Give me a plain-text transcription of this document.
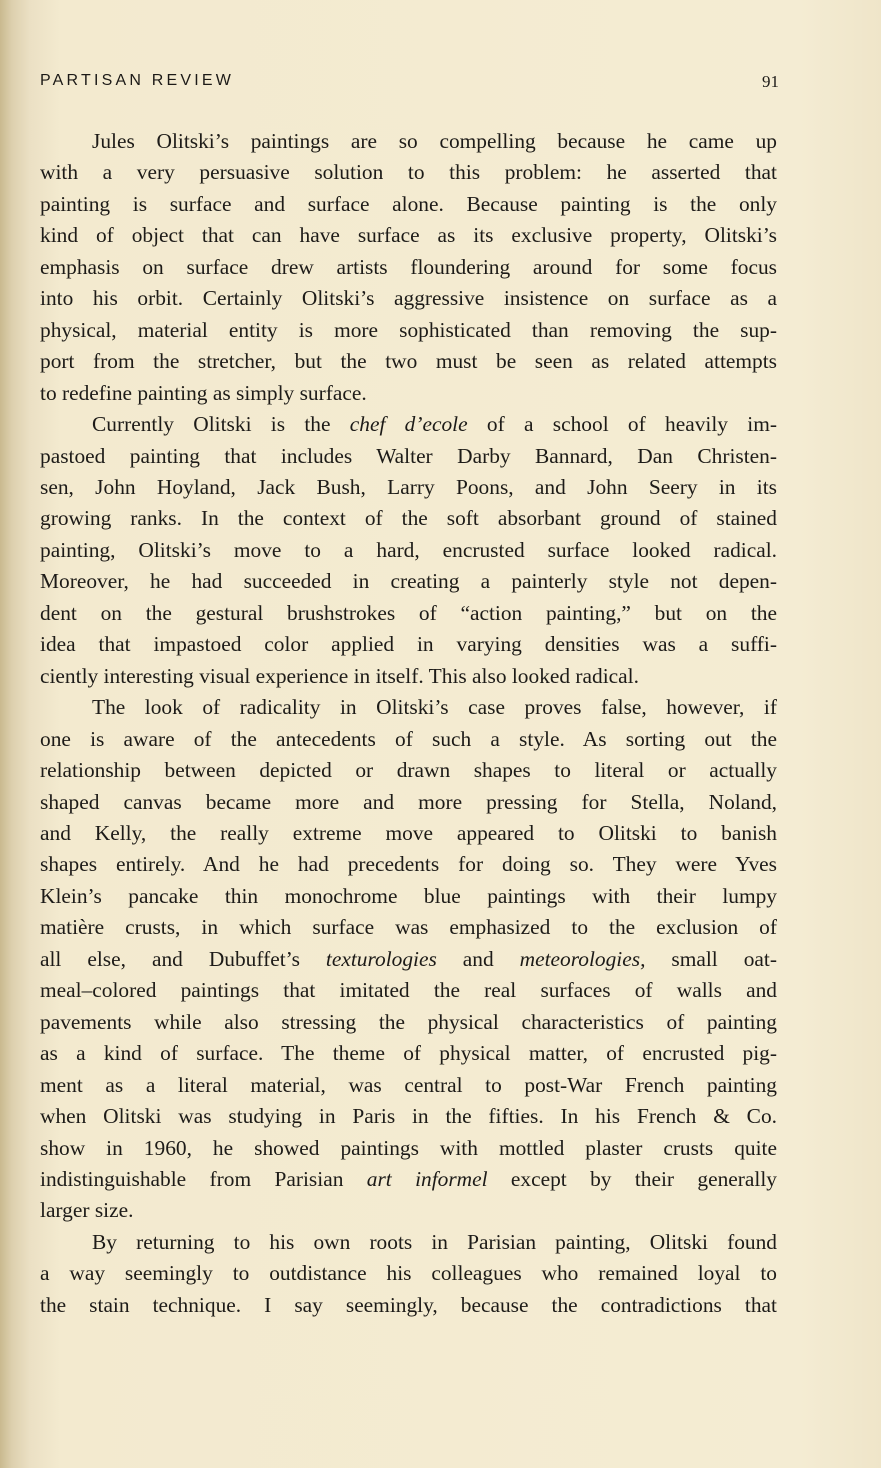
PARTISAN REVIEW	91

Jules Olitski’s paintings are so compelling because he came up
with a very persuasive solution to this problem: he asserted that
painting is surface and surface alone. Because painting is the only
kind of object that can have surface as its exclusive property, Olitski’s
emphasis on surface drew artists floundering around for some focus
into his orbit. Certainly Olitski’s aggressive insistence on surface as a
physical, material entity is more sophisticated than removing the sup-
port from the stretcher, but the two must be seen as related attempts
to redefine painting as simply surface.

Currently Olitski is the chef d’ecole of a school of heavily im-
pastoed painting that includes Walter Darby Bannard, Dan Christen-
sen, John Hoyland, Jack Bush, Larry Poons, and John Seery in its
growing ranks. In the context of the soft absorbant ground of stained
painting, Olitski’s move to a hard, encrusted surface looked radical.
Moreover, he had succeeded in creating a painterly style not depen-
dent on the gestural brushstrokes of “action painting,” but on the
idea that impastoed color applied in varying densities was a suffi-
ciently interesting visual experience in itself. This also looked radical.

The look of radicality in Olitski’s case proves false, however, if
one is aware of the antecedents of such a style. As sorting out the
relationship between depicted or drawn shapes to literal or actually
shaped canvas became more and more pressing for Stella, Noland,
and Kelly, the really extreme move appeared to Olitski to banish
shapes entirely. And he had precedents for doing so. They were Yves
Klein’s pancake thin monochrome blue paintings with their lumpy
matière crusts, in which surface was emphasized to the exclusion of
all else, and Dubuffet’s texturologies and meteorologies, small oat-
meal–colored paintings that imitated the real surfaces of walls and
pavements while also stressing the physical characteristics of painting
as a kind of surface. The theme of physical matter, of encrusted pig-
ment as a literal material, was central to post-War French painting
when Olitski was studying in Paris in the fifties. In his French & Co.
show in 1960, he showed paintings with mottled plaster crusts quite
indistinguishable from Parisian art informel except by their generally
larger size.

By returning to his own roots in Parisian painting, Olitski found
a way seemingly to outdistance his colleagues who remained loyal to
the stain technique. I say seemingly, because the contradictions that
